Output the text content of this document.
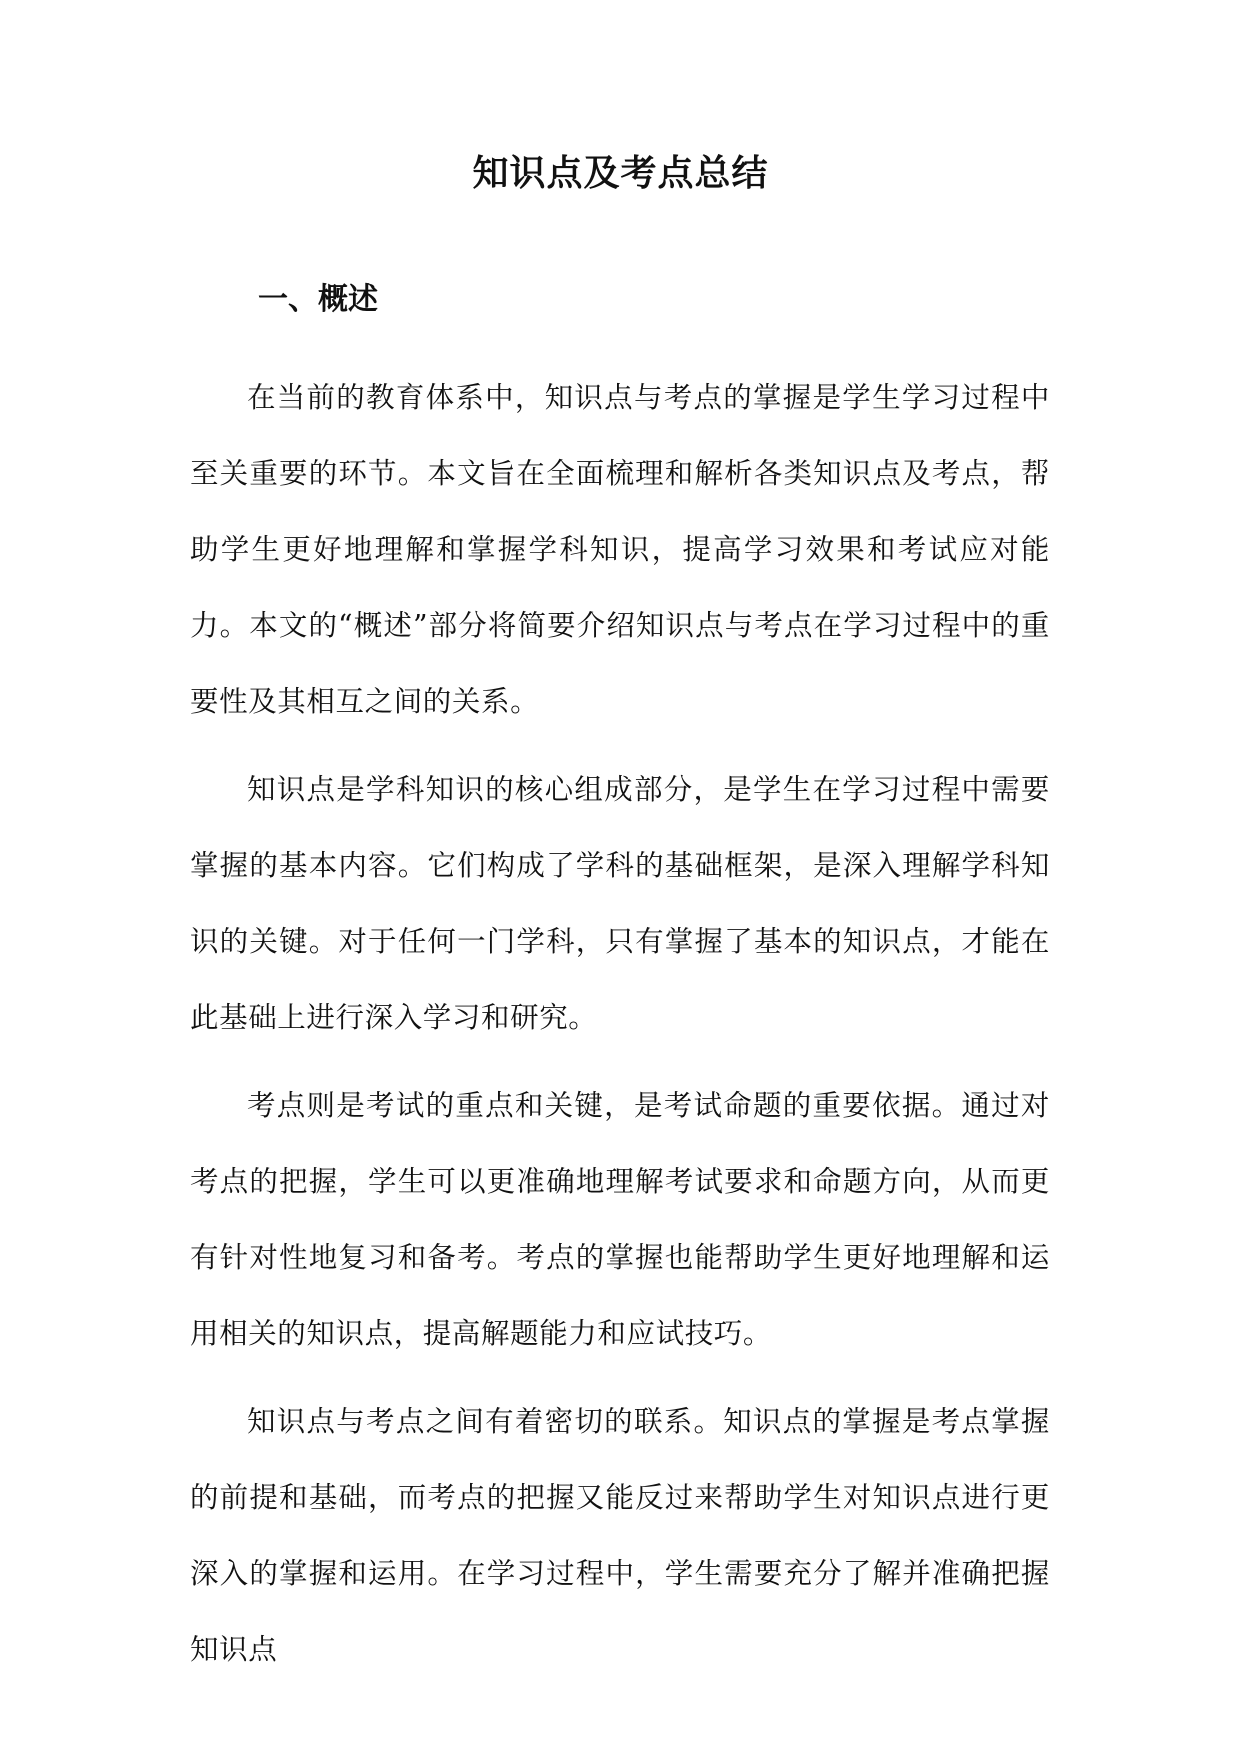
知识点及考点总结
一、概述

在当前的教育体系中，知识点与考点的掌握是学生学习过程中至关重要的环节。本文旨在全面梳理和解析各类知识点及考点，帮助学生更好地理解和掌握学科知识，提高学习效果和考试应对能力。本文的“概述”部分将简要介绍知识点与考点在学习过程中的重要性及其相互之间的关系。

知识点是学科知识的核心组成部分，是学生在学习过程中需要掌握的基本内容。它们构成了学科的基础框架，是深入理解学科知识的关键。对于任何一门学科，只有掌握了基本的知识点，才能在此基础上进行深入学习和研究。

考点则是考试的重点和关键，是考试命题的重要依据。通过对考点的把握，学生可以更准确地理解考试要求和命题方向，从而更有针对性地复习和备考。考点的掌握也能帮助学生更好地理解和运用相关的知识点，提高解题能力和应试技巧。

知识点与考点之间有着密切的联系。知识点的掌握是考点掌握的前提和基础，而考点的把握又能反过来帮助学生对知识点进行更深入的掌握和运用。在学习过程中，学生需要充分了解并准确把握知识点
